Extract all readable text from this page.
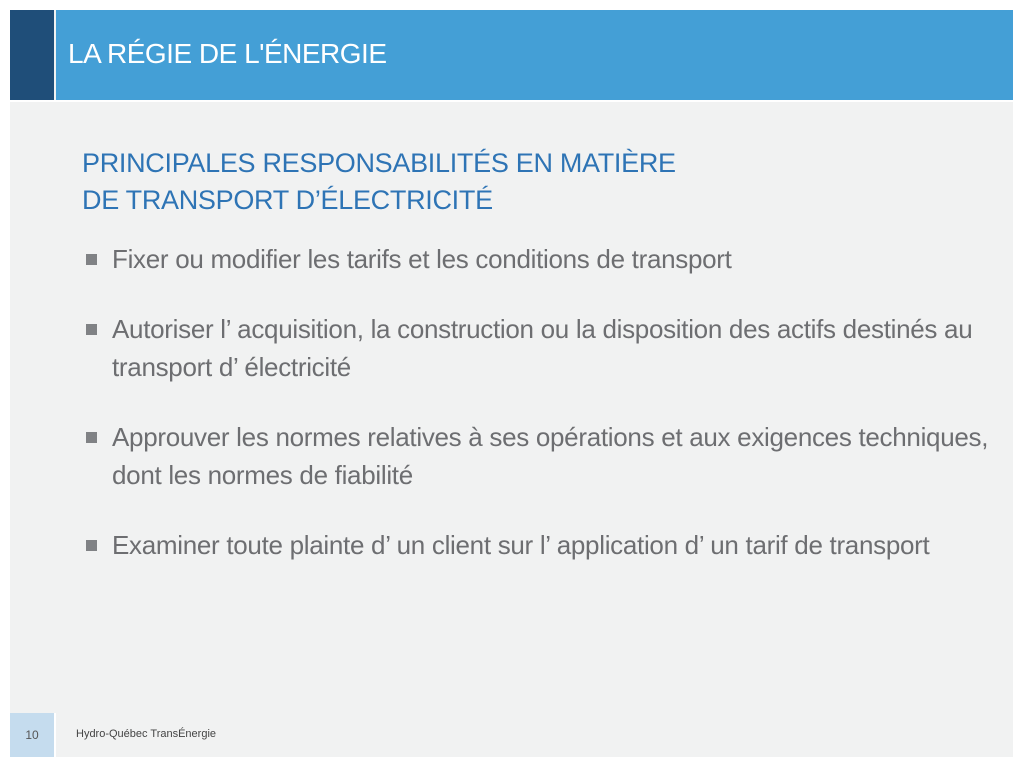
LA RÉGIE DE L'ÉNERGIE
PRINCIPALES RESPONSABILITÉS EN MATIÈRE
DE TRANSPORT D’ÉLECTRICITÉ
Fixer ou modifier les tarifs et les conditions de transport
Autoriser l’ acquisition, la construction ou la disposition des actifs destinés au transport d’ électricité
Approuver les normes relatives à ses opérations et aux exigences techniques, dont les normes de fiabilité
Examiner toute plainte d’ un client sur l’ application d’ un tarif de transport
10	Hydro-Québec TransÉnergie
